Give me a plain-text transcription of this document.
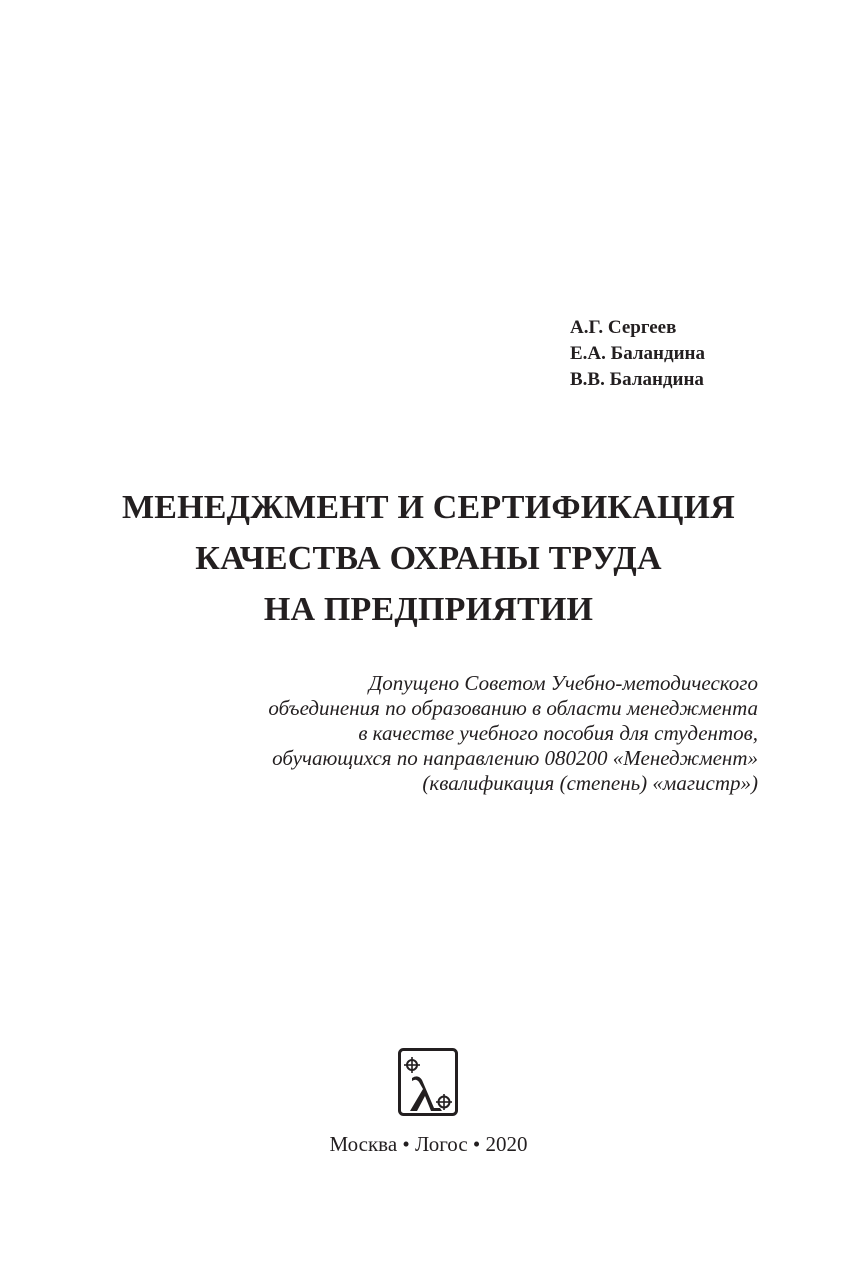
А.Г. Сергеев
Е.А. Баландина
В.В. Баландина
МЕНЕДЖМЕНТ И СЕРТИФИКАЦИЯ
КАЧЕСТВА ОХРАНЫ ТРУДА
НА ПРЕДПРИЯТИИ
Допущено Советом Учебно-методического
объединения по образованию в области менеджмента
в качестве учебного пособия для студентов,
обучающихся по направлению 080200 «Менеджмент»
(квалификация (степень) «магистр»)
Москва • Логос • 2020
